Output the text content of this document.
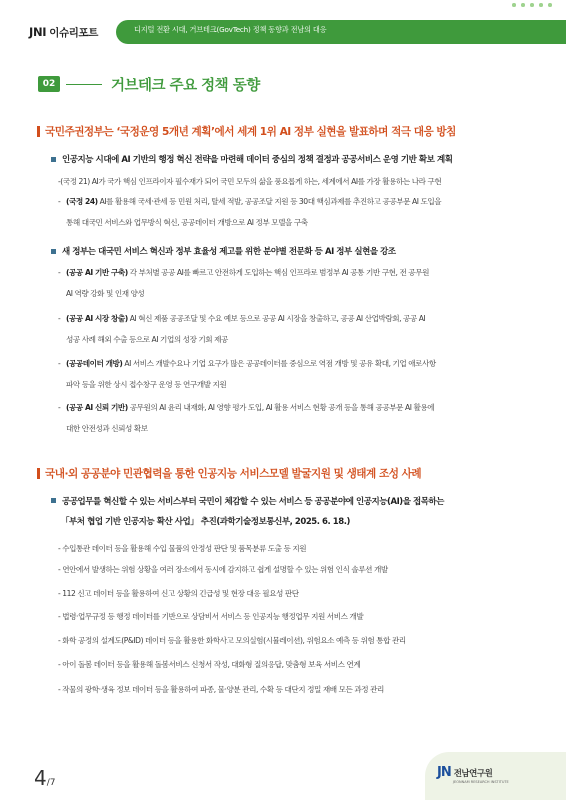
JNI 이슈리포트	디지털 전환 시대, 거브테크(GovTech) 정책 동향과 전남의 대응
02	거브테크 주요 정책 동향
국민주권정부는 ‘국정운영 5개년 계획’에서 세계 1위 AI 정부 실현을 발표하며 적극 대응 방침
인공지능 시대에 AI 기반의 행정 혁신 전략을 마련해 데이터 중심의 정책 결정과 공공서비스 운영 기반 확보 계획
-(국정 21) AI가 국가 핵심 인프라이자 필수재가 되어 국민 모두의 삶을 풍요롭게 하는, 세계에서 AI를 가장 활용하는 나라 구현
- (국정 24) AI를 활용해 국세·관세 등 민원 처리, 탈세 적발, 공공조달 지원 등 30대 핵심과제를 추진하고 공공부문 AI 도입을
통해 대국민 서비스와 업무방식 혁신, 공공데이터 개방으로 AI 정부 모델을 구축
새 정부는 대국민 서비스 혁신과 정부 효율성 제고를 위한 분야별 전문화 등 AI 정부 실현을 강조
- (공공 AI 기반 구축) 각 부처별 공공 AI를 빠르고 안전하게 도입하는 핵심 인프라로 범정부 AI 공통 기반 구현, 전 공무원
AI 역량 강화 및 인재 양성
- (공공 AI 시장 창출) AI 혁신 제품 공공조달 및 수요 예보 등으로 공공 AI 시장을 창출하고, 공공 AI 산업박람회, 공공 AI
성공 사례 해외 수출 등으로 AI 기업의 성장 기회 제공
- (공공데이터 개방) AI 서비스 개발수요나 기업 요구가 많은 공공데이터를 중심으로 역점 개방 및 공유 확대, 기업 애로사항
파악 등을 위한 상시 접수창구 운영 등 연구개발 지원
- (공공 AI 신뢰 기반) 공무원의 AI 윤리 내재화, AI 영향 평가 도입, AI 활용 서비스 현황 공개 등을 통해 공공부문 AI 활용에
대한 안전성과 신뢰성 확보
국내·외 공공분야 민관협력을 통한 인공지능 서비스모델 발굴지원 및 생태계 조성 사례
공공업무를 혁신할 수 있는 서비스부터 국민이 체감할 수 있는 서비스 등 공공분야에 인공지능(AI)을 접목하는
「부처 협업 기반 인공지능 확산 사업」 추진(과학기술정보통신부, 2025. 6. 18.)
- 수입통관 데이터 등을 활용해 수입 물품의 안정성 판단 및 품목분류 도출 등 지원
- 연안에서 발생하는 위험 상황을 여러 장소에서 동시에 감지하고 쉽게 설명할 수 있는 위험 인식 솔루션 개발
- 112 신고 데이터 등을 활용하여 신고 상황의 긴급성 및 현장 대응 필요성 판단
- 법령·업무규정 등 행정 데이터를 기반으로 상담비서 서비스 등 인공지능 행정업무 지원 서비스 개발
- 화학 공정의 설계도(P&ID) 데이터 등을 활용한 화학사고 모의실험(시뮬레이션), 위험요소 예측 등 위험 통합 관리
- 아이 돌봄 데이터 등을 활용해 돌봄서비스 신청서 작성, 대화형 질의응답, 맞춤형 보육 서비스 연계
- 작물의 광학·생육 정보 데이터 등을 활용하여 파종, 물·양분 관리, 수확 등 대단지 정밀 재배 모든 과정 관리
4/7
JN 전남연구원
JEONNAM RESEARCH INSTITUTE
